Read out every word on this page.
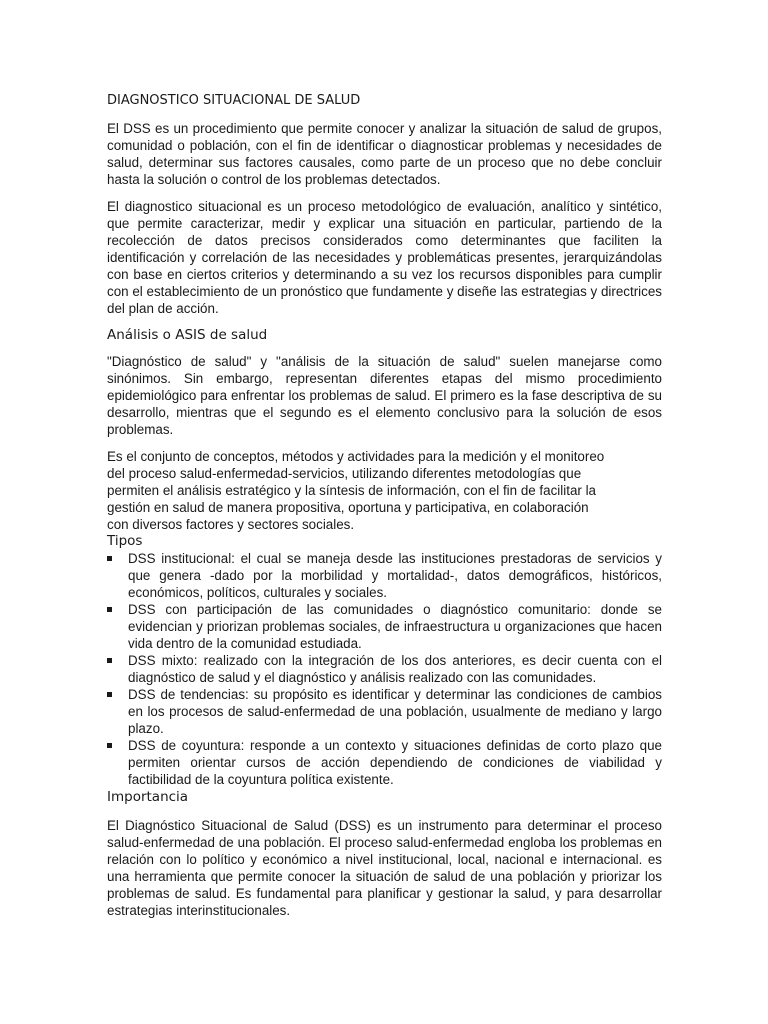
DIAGNOSTICO SITUACIONAL DE SALUD

El DSS es un procedimiento que permite conocer y analizar la situación de salud de grupos, comunidad o población, con el fin de identificar o diagnosticar problemas y necesidades de salud, determinar sus factores causales, como parte de un proceso que no debe concluir hasta la solución o control de los problemas detectados.

El diagnostico situacional es un proceso metodológico de evaluación, analítico y sintético, que permite caracterizar, medir y explicar una situación en particular, partiendo de la recolección de datos precisos considerados como determinantes que faciliten la identificación y correlación de las necesidades y problemáticas presentes, jerarquizándolas con base en ciertos criterios y determinando a su vez los recursos disponibles para cumplir con el establecimiento de un pronóstico que fundamente y diseñe las estrategias y directrices del plan de acción.

Análisis o ASIS de salud

"Diagnóstico de salud" y "análisis de la situación de salud" suelen manejarse como sinónimos. Sin embargo, representan diferentes etapas del mismo procedimiento epidemiológico para enfrentar los problemas de salud. El primero es la fase descriptiva de su desarrollo, mientras que el segundo es el elemento conclusivo para la solución de esos problemas.

Es el conjunto de conceptos, métodos y actividades para la medición y el monitoreo
del proceso salud-enfermedad-servicios, utilizando diferentes metodologías que
permiten el análisis estratégico y la síntesis de información, con el fin de facilitar la
gestión en salud de manera propositiva, oportuna y participativa, en colaboración
con diversos factores y sectores sociales.

Tipos
DSS institucional: el cual se maneja desde las instituciones prestadoras de servicios y que genera -dado por la morbilidad y mortalidad-, datos demográficos, históricos, económicos, políticos, culturales y sociales.
DSS con participación de las comunidades o diagnóstico comunitario: donde se evidencian y priorizan problemas sociales, de infraestructura u organizaciones que hacen vida dentro de la comunidad estudiada.
DSS mixto: realizado con la integración de los dos anteriores, es decir cuenta con el diagnóstico de salud y el diagnóstico y análisis realizado con las comunidades.
DSS de tendencias: su propósito es identificar y determinar las condiciones de cambios en los procesos de salud-enfermedad de una población, usualmente de mediano y largo plazo.
DSS de coyuntura: responde a un contexto y situaciones definidas de corto plazo que permiten orientar cursos de acción dependiendo de condiciones de viabilidad y factibilidad de la coyuntura política existente.
Importancia

El Diagnóstico Situacional de Salud (DSS) es un instrumento para determinar el proceso salud-enfermedad de una población. El proceso salud-enfermedad engloba los problemas en relación con lo político y económico a nivel institucional, local, nacional e internacional. es una herramienta que permite conocer la situación de salud de una población y priorizar los problemas de salud. Es fundamental para planificar y gestionar la salud, y para desarrollar estrategias interinstitucionales.
